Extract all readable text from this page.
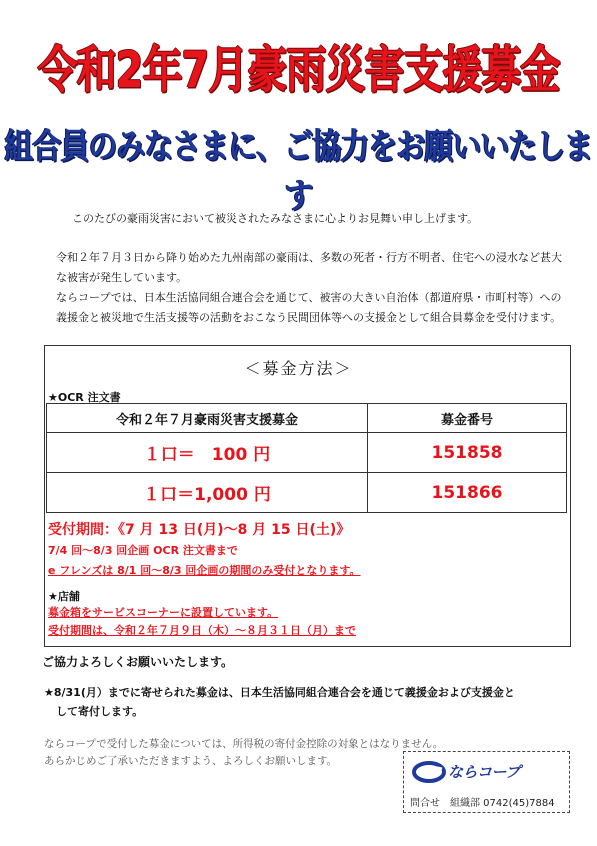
令和2年7月豪雨災害支援募金
組合員のみなさまに、ご協力をお願いいたします
このたびの豪雨災害において被災されたみなさまに心よりお見舞い申し上げます。
令和２年７月３日から降り始めた九州南部の豪雨は、多数の死者・行方不明者、住宅への浸水など甚大な被害が発生しています。
ならコープでは、日本生活協同組合連合会を通じて、被害の大きい自治体（都道府県・市町村等）への義援金と被災地で生活支援等の活動をおこなう民間団体等への支援金として組合員募金を受付けます。
＜募金方法＞
★OCR 注文書
令和２年７月豪雨災害支援募金	募金番号
１口＝　100 円	151858
１口＝1,000 円	151866
受付期間：《7 月 13 日(月)～8 月 15 日(土)》
7/4 回～8/3 回企画 OCR 注文書まで
e フレンズは 8/1 回～8/3 回企画の期間のみ受付となります。
★店舗
募金箱をサービスコーナーに設置しています。
受付期間は、令和２年７月９日（木）～８月３１日（月）まで
ご協力よろしくお願いいたします。
★8/31(月）までに寄せられた募金は、日本生活協同組合連合会を通じて義援金および支援金と
して寄付します。
ならコープで受付した募金については、所得税の寄付金控除の対象とはなりません。
あらかじめご了承いただきますよう、よろしくお願いします。
ならコープ
問合せ　組織部 0742(45)7884
